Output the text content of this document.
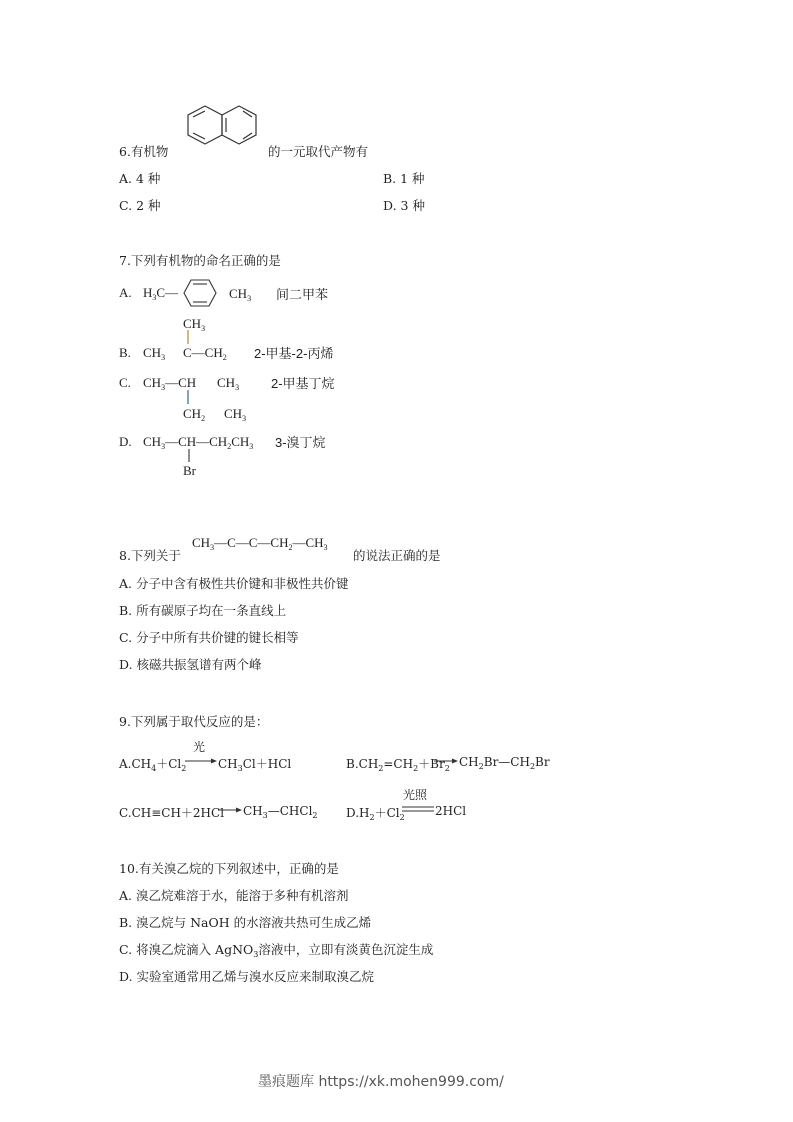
6.有机物	的一元取代产物有
A. 4 种	B. 1 种
C. 2 种	D. 3 种
7.下列有机物的命名正确的是
A. $H_3C—$	$CH_3$ 间二甲苯
$CH_3$
B. $CH_3$ $C—CH_2$ 2-甲基-2-丙烯
C. $CH_3—CH$ $CH_3$ 2-甲基丁烷
$CH_2$ $CH_3$
D. $CH_3—CH—CH_2CH_3$ 3-溴丁烷
Br
8.下列关于
$CH_3—C—C—CH_2—CH_3$
的说法正确的是
A. 分子中含有极性共价键和非极性共价键
B. 所有碳原子均在一条直线上
C. 分子中所有共价键的键长相等
D. 核磁共振氢谱有两个峰
9.下列属于取代反应的是：
$A.CH_4+Cl_2$
光
→ $CH_3Cl+HCl$	$B.CH_2=CH_2+Br_2$ → $CH_2Br—CH_2Br$
$C.CH\equiv CH+2HCl \to CH_3—CHCl_2$ $D.H_2+Cl_2$
光照
2HCl
10.有关溴乙烷的下列叙述中，正确的是
A. 溴乙烷难溶于水，能溶于多种有机溶剂
B. 溴乙烷与 NaOH 的水溶液共热可生成乙烯
C. 将溴乙烷滴入 AgNO$_3$溶液中，立即有淡黄色沉淀生成
D. 实验室通常用乙烯与溴水反应来制取溴乙烷
墨痕题库 https://xk.mohen999.com/
